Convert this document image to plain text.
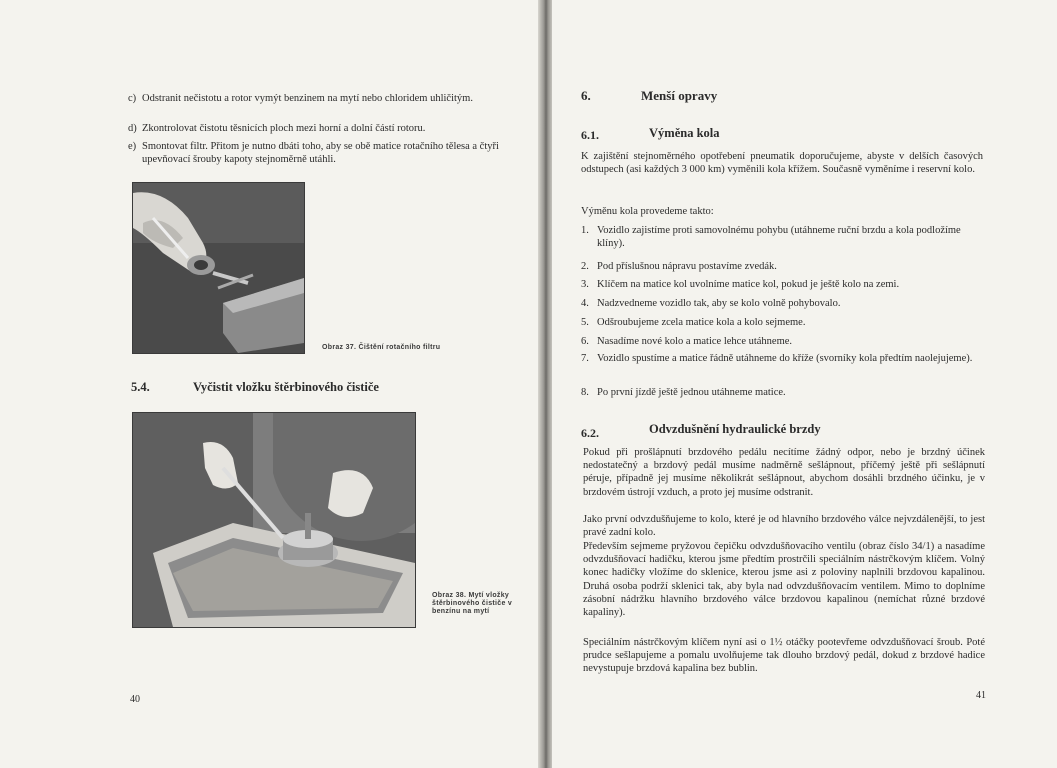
c) Odstranit nečistotu a rotor vymýt benzinem na mytí nebo chloridem uhličitým.
d) Zkontrolovat čistotu těsnicích ploch mezi horní a dolní částí rotoru.
e) Smontovat filtr. Přitom je nutno dbáti toho, aby se obě matice rotačního tělesa a čtyři upevňovací šrouby kapoty stejnoměrně utáhli.
Obraz 37. Čištění rotačního filtru
5.4.	Vyčistit vložku štěrbinového čističe
Obraz 38. Mytí vložky štěrbinového čističe v benzínu na mytí
40
6.	Menší opravy
6.1.	Výměna kola
K zajištění stejnoměrného opotřebení pneumatik doporučujeme, abyste v delších časových odstupech (asi každých 3 000 km) vyměnili kola křížem. Současně vyměníme i reservní kolo.
Výměnu kola provedeme takto:
1. Vozidlo zajistíme proti samovolnému pohybu (utáhneme ruční brzdu a kola podložíme klíny).
2. Pod příslušnou nápravu postavíme zvedák.
3. Klíčem na matice kol uvolníme matice kol, pokud je ještě kolo na zemi.
4. Nadzvedneme vozidlo tak, aby se kolo volně pohybovalo.
5. Odšroubujeme zcela matice kola a kolo sejmeme.
6. Nasadíme nové kolo a matice lehce utáhneme.
7. Vozidlo spustíme a matice řádně utáhneme do kříže (svorníky kola předtím naolejujeme).
8. Po první jízdě ještě jednou utáhneme matice.
6.2.	Odvzdušnění hydraulické brzdy
Pokud při prošlápnutí brzdového pedálu necítíme žádný odpor, nebo je brzdný účinek nedostatečný a brzdový pedál musíme nadměrně sešlápnout, příčemý ještě při sešlápnutí péruje, případně jej musíme několikrát sešlápnout, abychom dosáhli brzdného účinku, je v brzdovém ústrojí vzduch, a proto jej musíme odstranit.
Jako první odvzdušňujeme to kolo, které je od hlavního brzdového válce nejvzdálenější, to jest pravé zadní kolo.
Především sejmeme pryžovou čepičku odvzdušňovacího ventilu (obraz číslo 34/1) a nasadíme odvzdušňovací hadičku, kterou jsme předtím prostrčili speciálním nástrčkovým klíčem. Volný konec hadičky vložíme do sklenice, kterou jsme asi z poloviny naplnili brzdovou kapalinou. Druhá osoba podrží sklenici tak, aby byla nad odvzdušňovacím ventilem. Mimo to doplníme zásobní nádržku hlavního brzdového válce brzdovou kapalinou (nemíchat různé brzdové kapaliny).
Speciálním nástrčkovým klíčem nyní asi o 1½ otáčky pootevřeme odvzdušňovací šroub. Poté prudce sešlapujeme a pomalu uvolňujeme tak dlouho brzdový pedál, dokud z brzdové hadice nevystupuje brzdová kapalina bez bublin.
41
